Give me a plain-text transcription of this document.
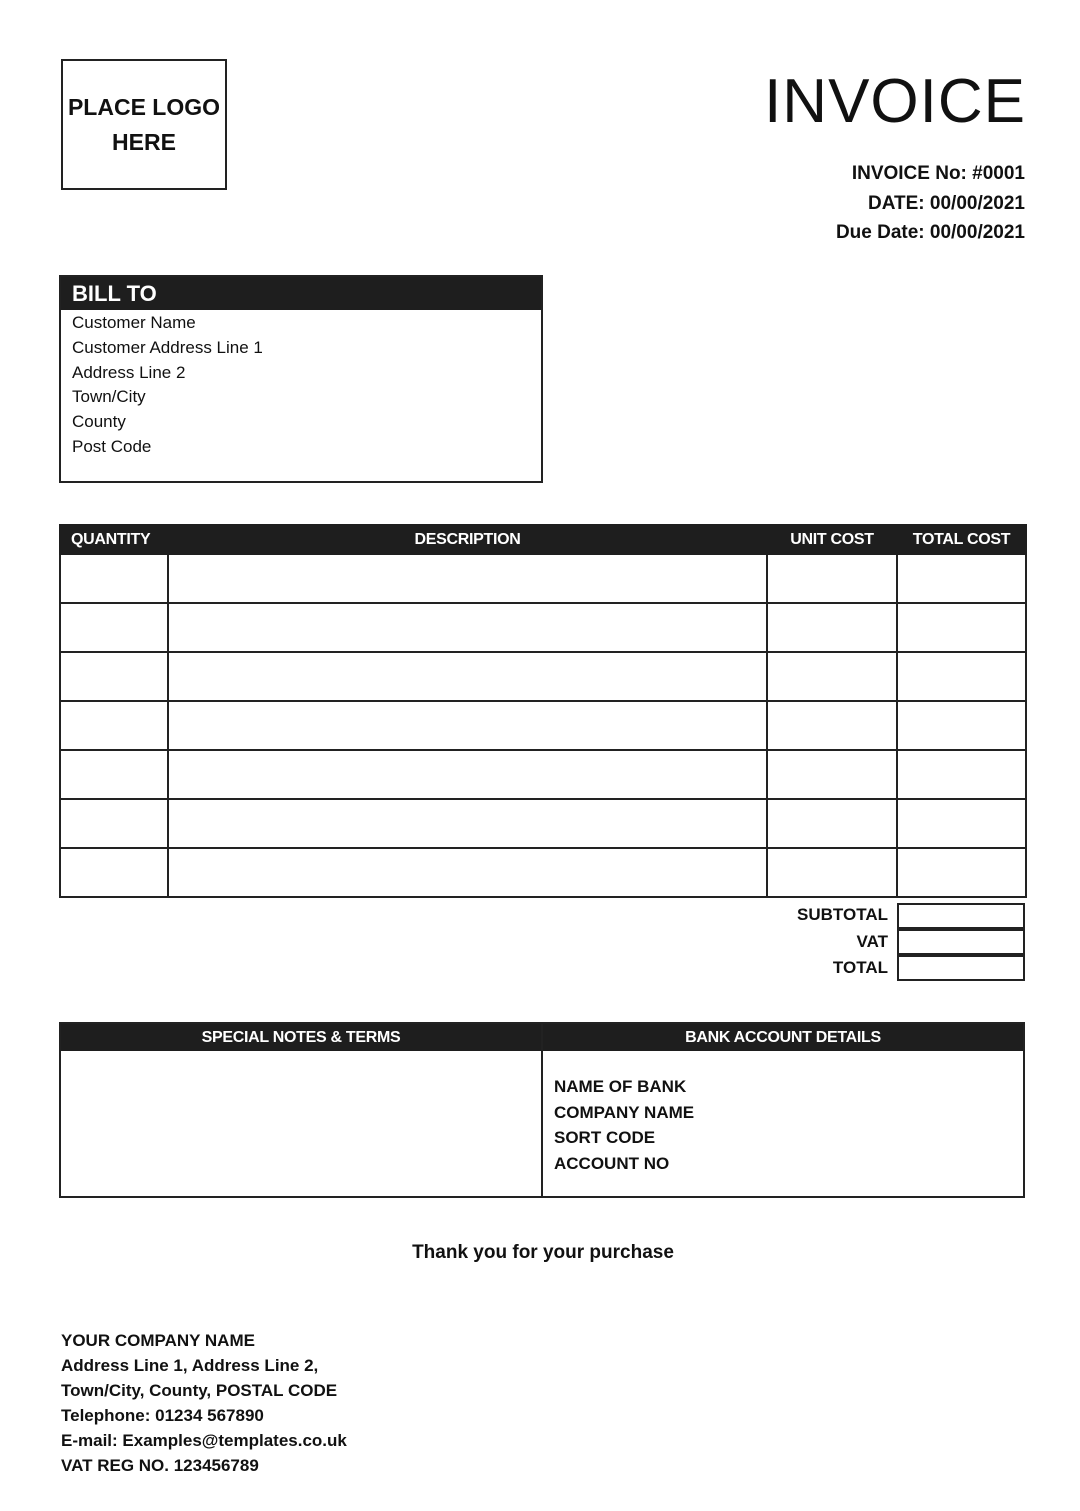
PLACE LOGO
HERE
INVOICE
INVOICE No: #0001
DATE: 00/00/2021
Due Date: 00/00/2021
BILL TO
Customer Name
Customer Address Line 1
Address Line 2
Town/City
County
Post Code
QUANTITY	DESCRIPTION	UNIT COST	TOTAL COST

SUBTOTAL
VAT
TOTAL
SPECIAL NOTES & TERMS	BANK ACCOUNT DETAILS
NAME OF BANK
COMPANY NAME
SORT CODE
ACCOUNT NO
Thank you for your purchase
YOUR COMPANY NAME
Address Line 1, Address Line 2,
Town/City, County, POSTAL CODE
Telephone: 01234 567890
E-mail: Examples@templates.co.uk
VAT REG NO. 123456789
